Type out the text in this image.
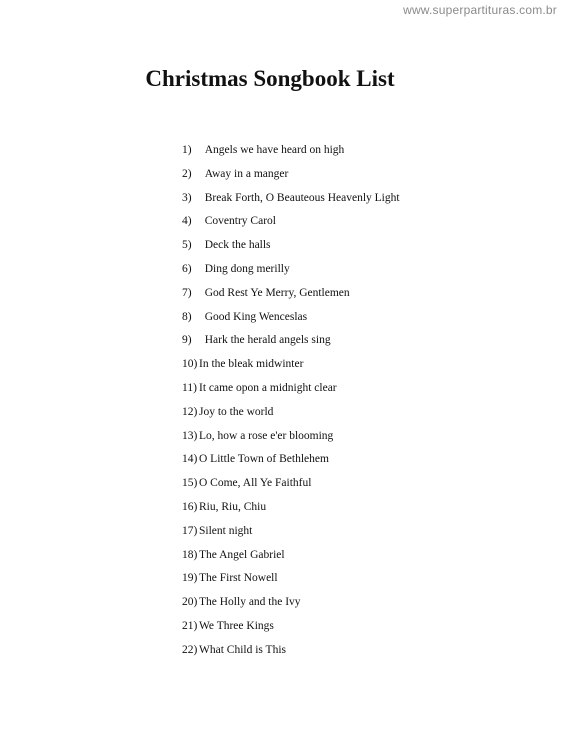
www.superpartituras.com.br
Christmas Songbook List
1)  Angels we have heard on high
2)  Away in a manger
3)  Break Forth, O Beauteous Heavenly Light
4)  Coventry Carol
5)  Deck the halls
6)  Ding dong merilly
7)  God Rest Ye Merry, Gentlemen
8)  Good King Wenceslas
9)  Hark the herald angels sing
10) In the bleak midwinter
11) It came opon a midnight clear
12) Joy to the world
13) Lo, how a rose e'er blooming
14) O Little Town of Bethlehem
15) O Come, All Ye Faithful
16) Riu, Riu, Chiu
17) Silent night
18) The Angel Gabriel
19) The First Nowell
20) The Holly and the Ivy
21) We Three Kings
22) What Child is This
